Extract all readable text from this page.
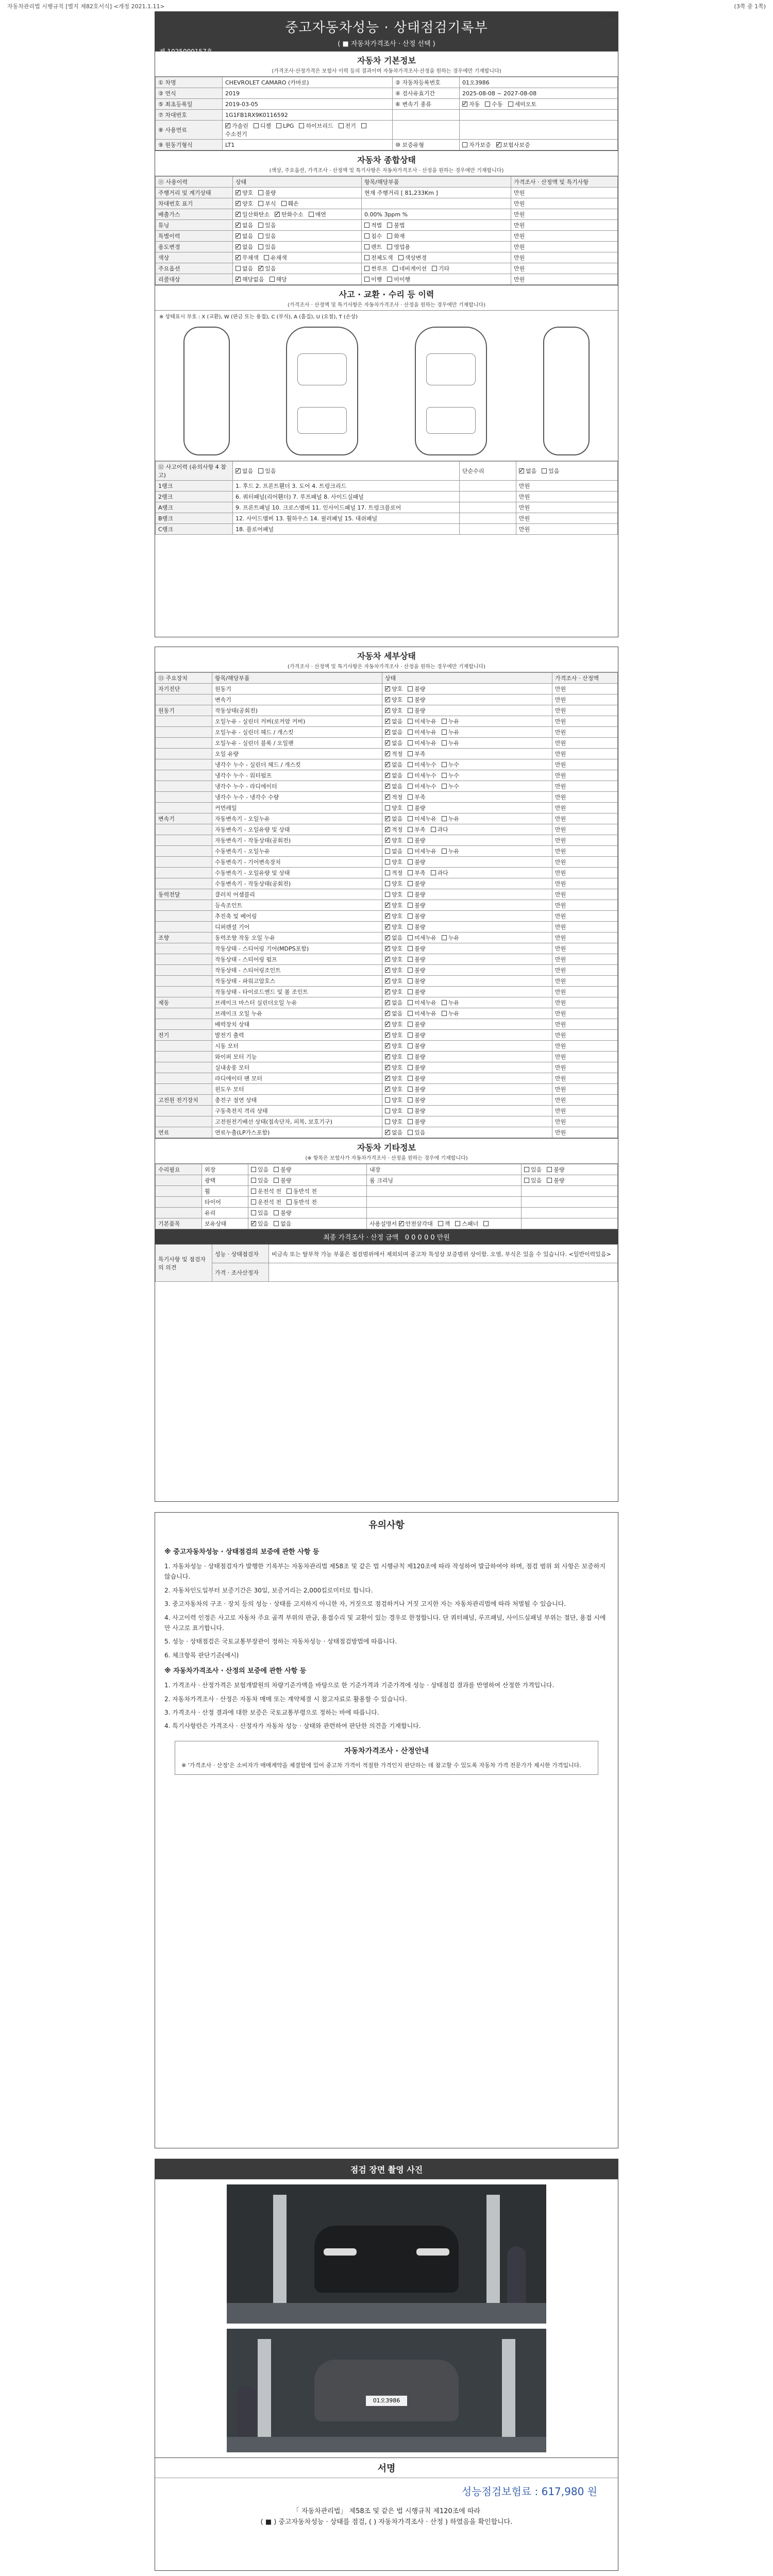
자동차관리법 시행규칙 [별지 제82호서식] <개정 2021.1.11>	(3쪽 중 1쪽)
중고자동차성능 · 상태점검기록부
( ■ 자동차가격조사 · 산정 선택 )
제 1025000157호
자동차 기본정보
(가격조사·산정가격은 보험사 이력 등의 결과이며 자동차가격조사·산정을 원하는 경우에만 기재합니다)
① 차명	CHEVROLET CAMARO (카마로)	② 자동차등록번호	01오3986
③ 연식	2019	④ 검사유효기간	2025-08-08 ~ 2027-08-08
⑤ 최초등록일	2019-03-05	⑥ 변속기 종류	✓자동 수동 세미오토
⑦ 차대번호	1G1FB1RX9K0116592		
⑧ 사용연료	✓가솔린 디젤 LPG 하이브리드 전기수소전기		
⑨ 원동기형식	LT1	⑩ 보증유형	자가보증 ✓ 보험사보증
자동차 종합상태
(색상, 주요옵션, 가격조사 · 산정액 및 특기사항은 자동차가격조사 · 산정을 원하는 경우에만 기재합니다)
⑪ 사용이력	상태	항목/해당부품	가격조사 · 산정액 및 특기사항
주행거리 및 계기상태	✓양호 불량	현재 주행거리 [ 81,233Km ]	만원
차대번호 표기	✓양호 부식 훼손		만원
배출가스	✓일산화탄소 ✓ 탄화수소 매연	0.00% 3ppm %	만원
튜닝	✓없음 있음	적법 불법	만원
특별이력	✓없음 있음	침수 화재	만원
용도변경	✓없음 있음	렌트 영업용	만원
색상	✓무채색 유채색	전체도색 색상변경	만원
주요옵션	없음 ✓ 있음	썬루프 네비게이션 기타	만원
리콜대상	✓해당없음 해당	이행 미이행	만원
사고 · 교환 · 수리 등 이력
(가격조사 · 산정액 및 특기사항은 자동차가격조사 · 산정을 원하는 경우에만 기재합니다)
※ 상태표시 부호 : X (교환), W (판금 또는 용접), C (부식), A (흠집), U (요철), T (손상)
⑫ 사고이력 (유의사항 4 참고)	✓없음 있음	단순수리	✓없음 있음
1랭크	1. 후드 2. 프론트휀더 3. 도어 4. 트렁크리드		만원
2랭크	6. 쿼터패널(리어휀더) 7. 루프패널 8. 사이드실패널		만원
A랭크	9. 프론트패널 10. 크로스멤버 11. 인사이드패널 17. 트렁크플로어		만원
B랭크	12. 사이드멤버 13. 휠하우스 14. 필러패널 15. 대쉬패널		만원
C랭크	18. 플로어패널		만원
(1쪽)
자동차 세부상태
(가격조사 · 산정액 및 특기사항은 자동차가격조사 · 산정을 원하는 경우에만 기재합니다)
⑬ 주요장치	항목/해당부품	상태	가격조사 · 산정액
자기진단	원동기	✓양호 불량	만원
	변속기	✓양호 불량	만원
원동기	작동상태(공회전)	✓양호 불량	만원
	오일누유 - 실린더 커버(로커암 커버)	✓없음 미세누유 누유	만원
	오일누유 - 실린더 헤드 / 개스킷	✓없음 미세누유 누유	만원
	오일누유 - 실린더 블록 / 오일팬	✓없음 미세누유 누유	만원
	오일 유량	✓적정 부족	만원
	냉각수 누수 - 실린더 헤드 / 개스킷	✓없음 미세누수 누수	만원
	냉각수 누수 - 워터펌프	✓없음 미세누수 누수	만원
	냉각수 누수 - 라디에이터	✓없음 미세누수 누수	만원
	냉각수 누수 - 냉각수 수량	✓적정 부족	만원
	커먼레일	양호 불량	만원
변속기	자동변속기 - 오일누유	✓없음 미세누유 누유	만원
	자동변속기 - 오일유량 및 상태	✓적정 부족 과다	만원
	자동변속기 - 작동상태(공회전)	✓양호 불량	만원
	수동변속기 - 오일누유	없음 미세누유 누유	만원
	수동변속기 - 기어변속장치	양호 불량	만원
	수동변속기 - 오일유량 및 상태	적정 부족 과다	만원
	수동변속기 - 작동상태(공회전)	양호 불량	만원
동력전달	클러치 어셈블리	양호 불량	만원
	등속조인트	✓양호 불량	만원
	추진축 및 베어링	✓양호 불량	만원
	디퍼렌셜 기어	✓양호 불량	만원
조향	동력조향 작동 오일 누유	✓없음 미세누유 누유	만원
	작동상태 - 스티어링 기어(MDPS포함)	✓양호 불량	만원
	작동상태 - 스티어링 펌프	✓양호 불량	만원
	작동상태 - 스티어링조인트	✓양호 불량	만원
	작동상태 - 파워고압호스	✓양호 불량	만원
	작동상태 - 타이로드엔드 및 볼 조인트	✓양호 불량	만원
제동	브레이크 마스터 실린더오일 누유	✓없음 미세누유 누유	만원
	브레이크 오일 누유	✓없음 미세누유 누유	만원
	배력장치 상태	✓양호 불량	만원
전기	발전기 출력	✓양호 불량	만원
	시동 모터	✓양호 불량	만원
	와이퍼 모터 기능	✓양호 불량	만원
	실내송풍 모터	✓양호 불량	만원
	라디에이터 팬 모터	✓양호 불량	만원
	윈도우 모터	✓양호 불량	만원
고전원 전기장치	충전구 절연 상태	양호 불량	만원
	구동축전지 격리 상태	양호 불량	만원
	고전원전기배선 상태(접속단자, 피복, 보호기구)	양호 불량	만원
연료	연료누출(LP가스포함)	✓없음 있음	만원
자동차 기타정보
(※ 항목은 보험사가 자동차가격조사 · 산정을 원하는 경우에 기재합니다)
수리필요	외장	있음 불량	내장	있음 불량
	광택	있음 불량	룸 크리닝	있음 불량
	휠	운전석 전 동반석 전		
	타이어	운전석 전 동반석 전		
	유리	있음 불량		
기본품목	보유상태	✓있음 없음	사용설명서 ✓안전삼각대 잭 스패너	
최종 가격조사 · 산정 금액 0 0 0 0 0 만원
특기사항 및 점검자의 의견	성능 · 상태점검자	비금속 또는 탈부착 가능 부품은 점검범위에서 제외되며 중고차 특성상 보증범위 상이함. 오염, 부식은 있을 수 있습니다. <일반이력있음>
	가격 · 조사산정자	
유의사항
※ 중고자동차성능 · 상태점검의 보증에 관한 사항 등

1. 자동차성능 · 상태점검자가 발행한 기록부는 자동차관리법 제58조 및 같은 법 시행규칙 제120조에 따라 작성하여 발급하여야 하며, 점검 범위 외 사항은 보증하지 않습니다.

2. 자동차인도일부터 보증기간은 30일, 보증거리는 2,000킬로미터로 합니다.

3. 중고자동차의 구조 · 장치 등의 성능 · 상태를 고지하지 아니한 자, 거짓으로 점검하거나 거짓 고지한 자는 자동차관리법에 따라 처벌될 수 있습니다.

4. 사고이력 인정은 사고로 자동차 주요 골격 부위의 판금, 용접수리 및 교환이 있는 경우로 한정합니다. 단 쿼터패널, 루프패널, 사이드실패널 부위는 절단, 용접 시에만 사고로 표기합니다.

5. 성능 · 상태점검은 국토교통부장관이 정하는 자동차성능 · 상태점검방법에 따릅니다.

6. 체크항목 판단기준(예시)

※ 자동차가격조사 · 산정의 보증에 관한 사항 등

1. 가격조사 · 산정가격은 보험개발원의 차량기준가액을 바탕으로 한 기준가격과 기준가격에 성능 · 상태점검 결과를 반영하여 산정한 가격입니다.

2. 자동차가격조사 · 산정은 자동차 매매 또는 계약체결 시 참고자료로 활용할 수 있습니다.

3. 가격조사 · 산정 결과에 대한 보증은 국토교통부령으로 정하는 바에 따릅니다.

4. 특기사항란은 가격조사 · 산정자가 자동차 성능 · 상태와 관련하여 판단한 의견을 기재합니다.

자동차가격조사 · 산정안내
※ '가격조사 · 산정'은 소비자가 매매계약을 체결함에 있어 중고차 가격이 적절한 가격인지 판단하는 데 참고할 수 있도록 자동차 가격 전문가가 제시한 가격입니다.
점검 장면 촬영 사진
01오3986
서명
성능점검보험료 : 617,980 원
「 자동차관리법」 제58조 및 같은 법 시행규칙 제120조에 따라
( ■ ) 중고자동차성능 · 상태를 점검, ( ) 자동차가격조사 · 산정 ) 하였음을 확인합니다.
